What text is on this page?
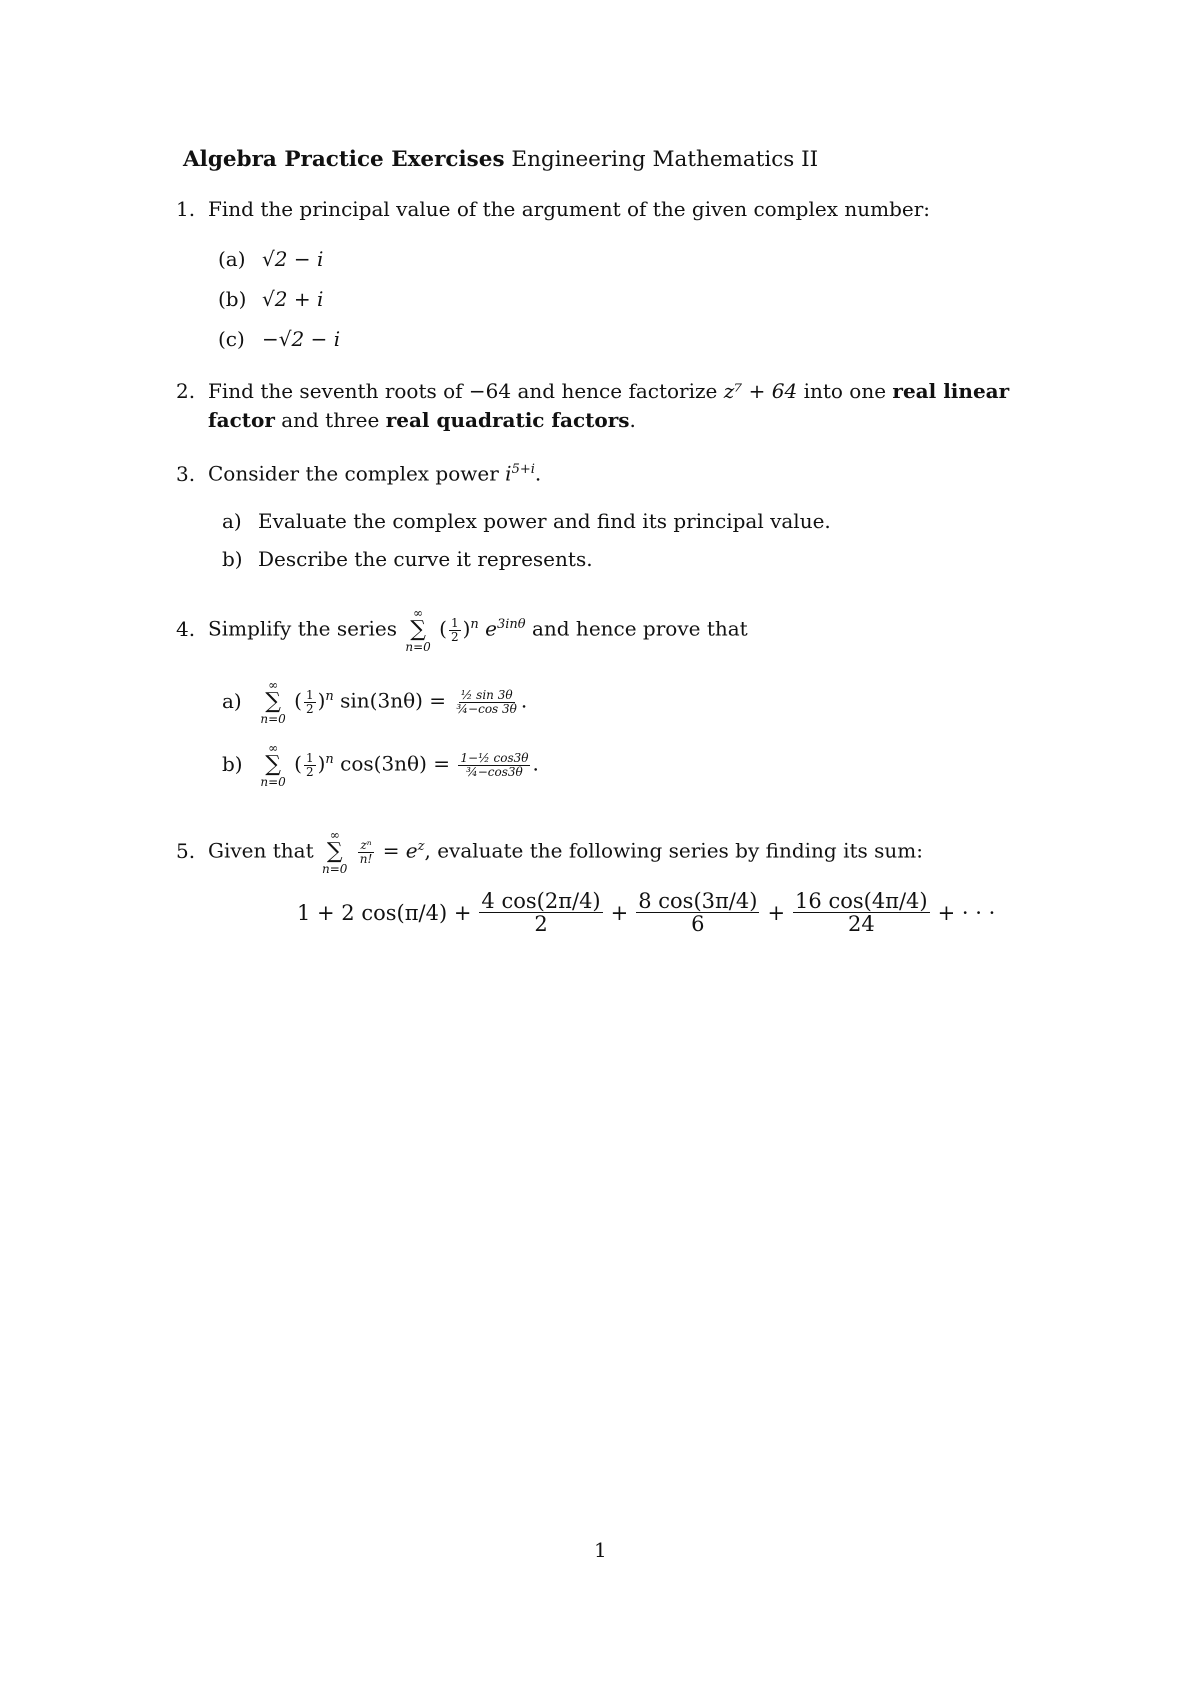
Algebra Practice Exercises Engineering Mathematics II
1. Find the principal value of the argument of the given complex number:
(a) √2 − i
(b) √2 + i
(c) −√2 − i
2. Find the seventh roots of −64 and hence factorize z⁷ + 64 into one real linear
factor and three real quadratic factors.
3. Consider the complex power $i^{5+i}$.
a) Evaluate the complex power and find its principal value.
b) Describe the curve it represents.
4. Simplify the series
∞
∑
n=0
( $\frac{1}{2} )^n$ $e^{3in\theta}$ and hence prove that
a)
∞
∑
n=0
( $\frac{1}{2} )^n$ $\sin(3n\theta) = \frac{\text{½ sin 3θ}}{\text{¾−cos 3θ}}$ .
b)
∞
∑
n=0
( $\frac{1}{2} )^n$ $\cos(3n\theta) = \frac{\text{1−½ cos3θ}}{\text{¾−cos3θ}}$ .
5. Given that
∞
∑
n=0

$\frac{\text{zⁿ}}{n!} = e^z$, evaluate the following series by finding its sum:
1 + 2 $\cos(\pi/4) + \frac{4 \cos(2\pi/4)}{2} + \frac{8 \cos(3\pi/4)}{6} + \frac{16 \cos(4\pi/4)}{24}$ + · · ·
1
